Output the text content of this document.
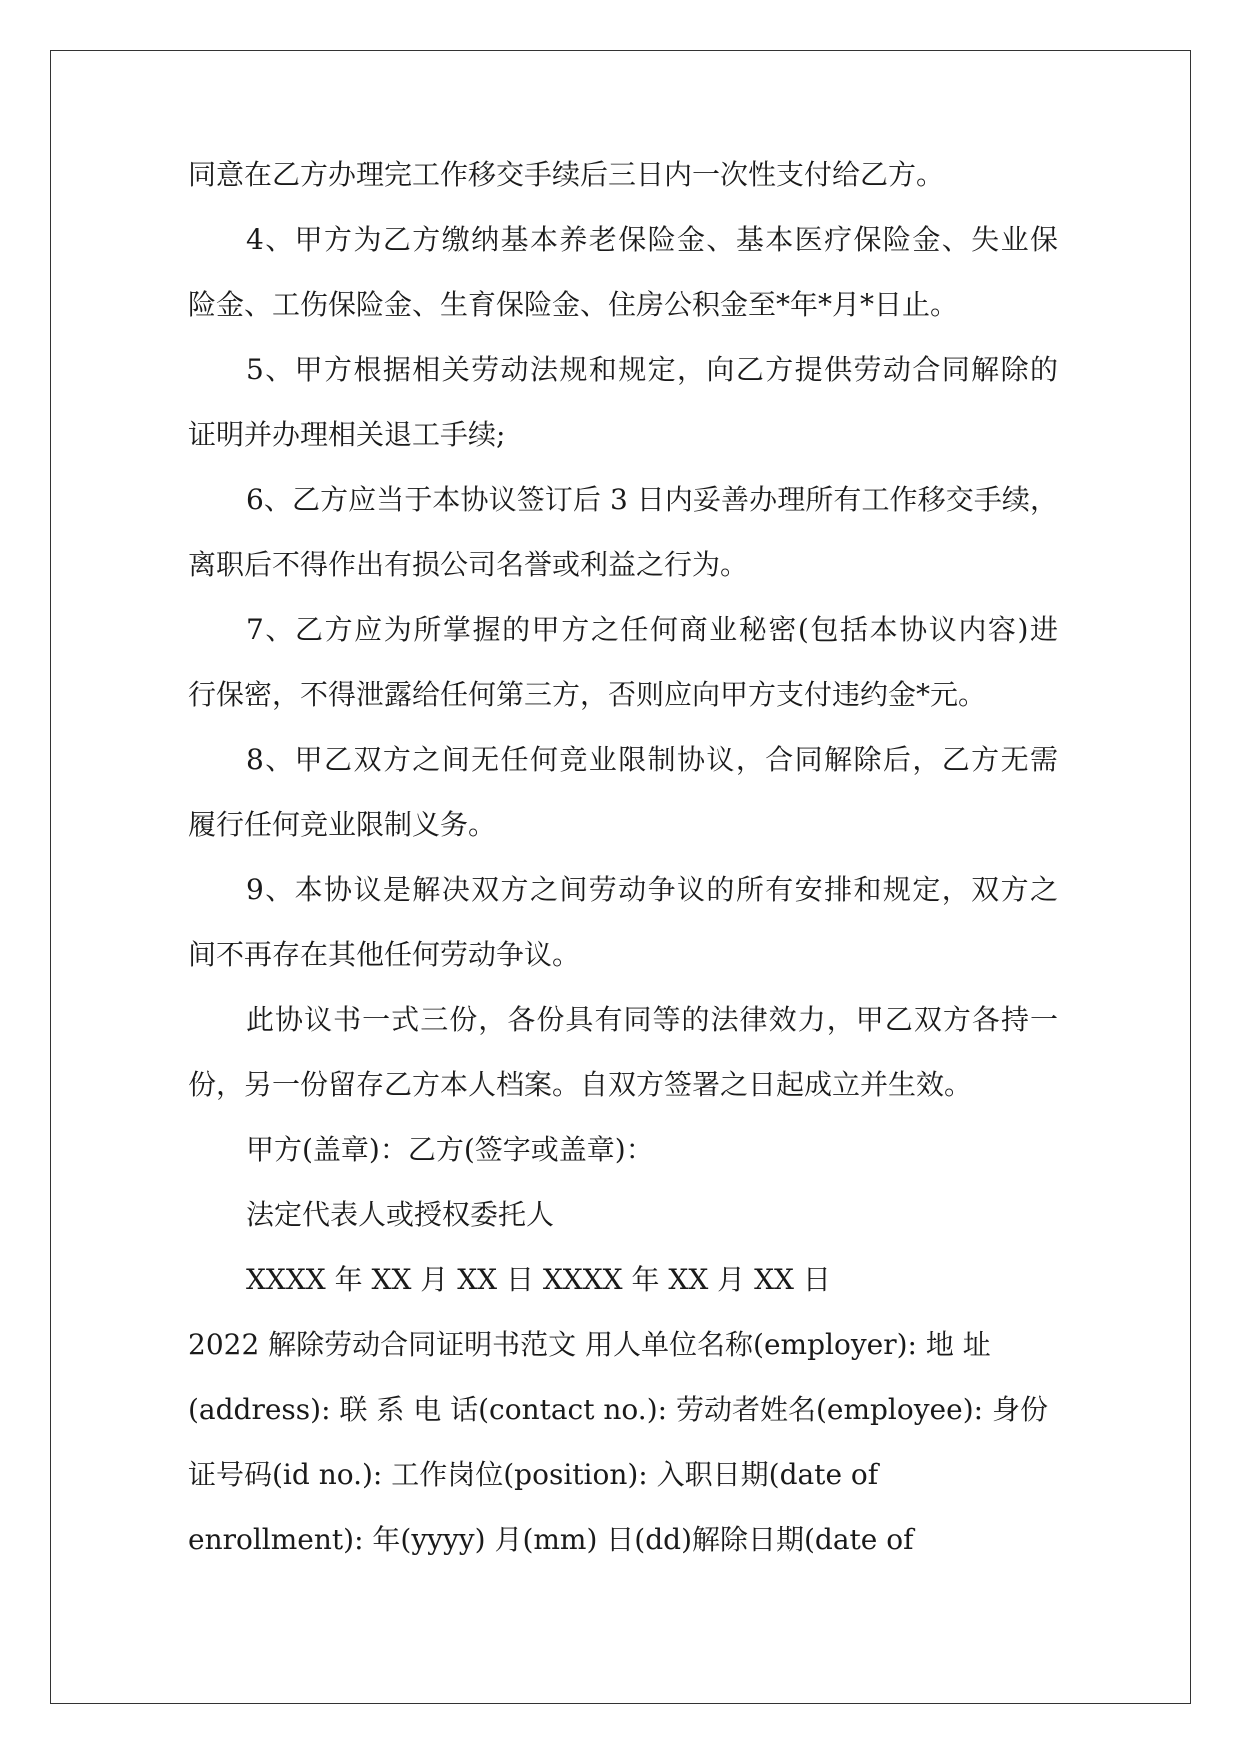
同意在乙方办理完工作移交手续后三日内一次性支付给乙方。
4、甲方为乙方缴纳基本养老保险金、基本医疗保险金、失业保
险金、工伤保险金、生育保险金、住房公积金至*年*月*日止。
5、甲方根据相关劳动法规和规定，向乙方提供劳动合同解除的
证明并办理相关退工手续;
6、乙方应当于本协议签订后 3 日内妥善办理所有工作移交手续，
离职后不得作出有损公司名誉或利益之行为。
7、乙方应为所掌握的甲方之任何商业秘密(包括本协议内容)进
行保密，不得泄露给任何第三方，否则应向甲方支付违约金*元。
8、甲乙双方之间无任何竞业限制协议，合同解除后，乙方无需
履行任何竞业限制义务。
9、本协议是解决双方之间劳动争议的所有安排和规定，双方之
间不再存在其他任何劳动争议。
此协议书一式三份，各份具有同等的法律效力，甲乙双方各持一
份，另一份留存乙方本人档案。自双方签署之日起成立并生效。
甲方(盖章)：乙方(签字或盖章)：
法定代表人或授权委托人
XXXX 年 XX 月 XX 日 XXXX 年 XX 月 XX 日
2022 解除劳动合同证明书范文 用人单位名称(employer): 地 址
(address): 联 系 电 话(contact no.): 劳动者姓名(employee): 身份
证号码(id no.): 工作岗位(position): 入职日期(date of
enrollment): 年(yyyy) 月(mm) 日(dd)解除日期(date of
